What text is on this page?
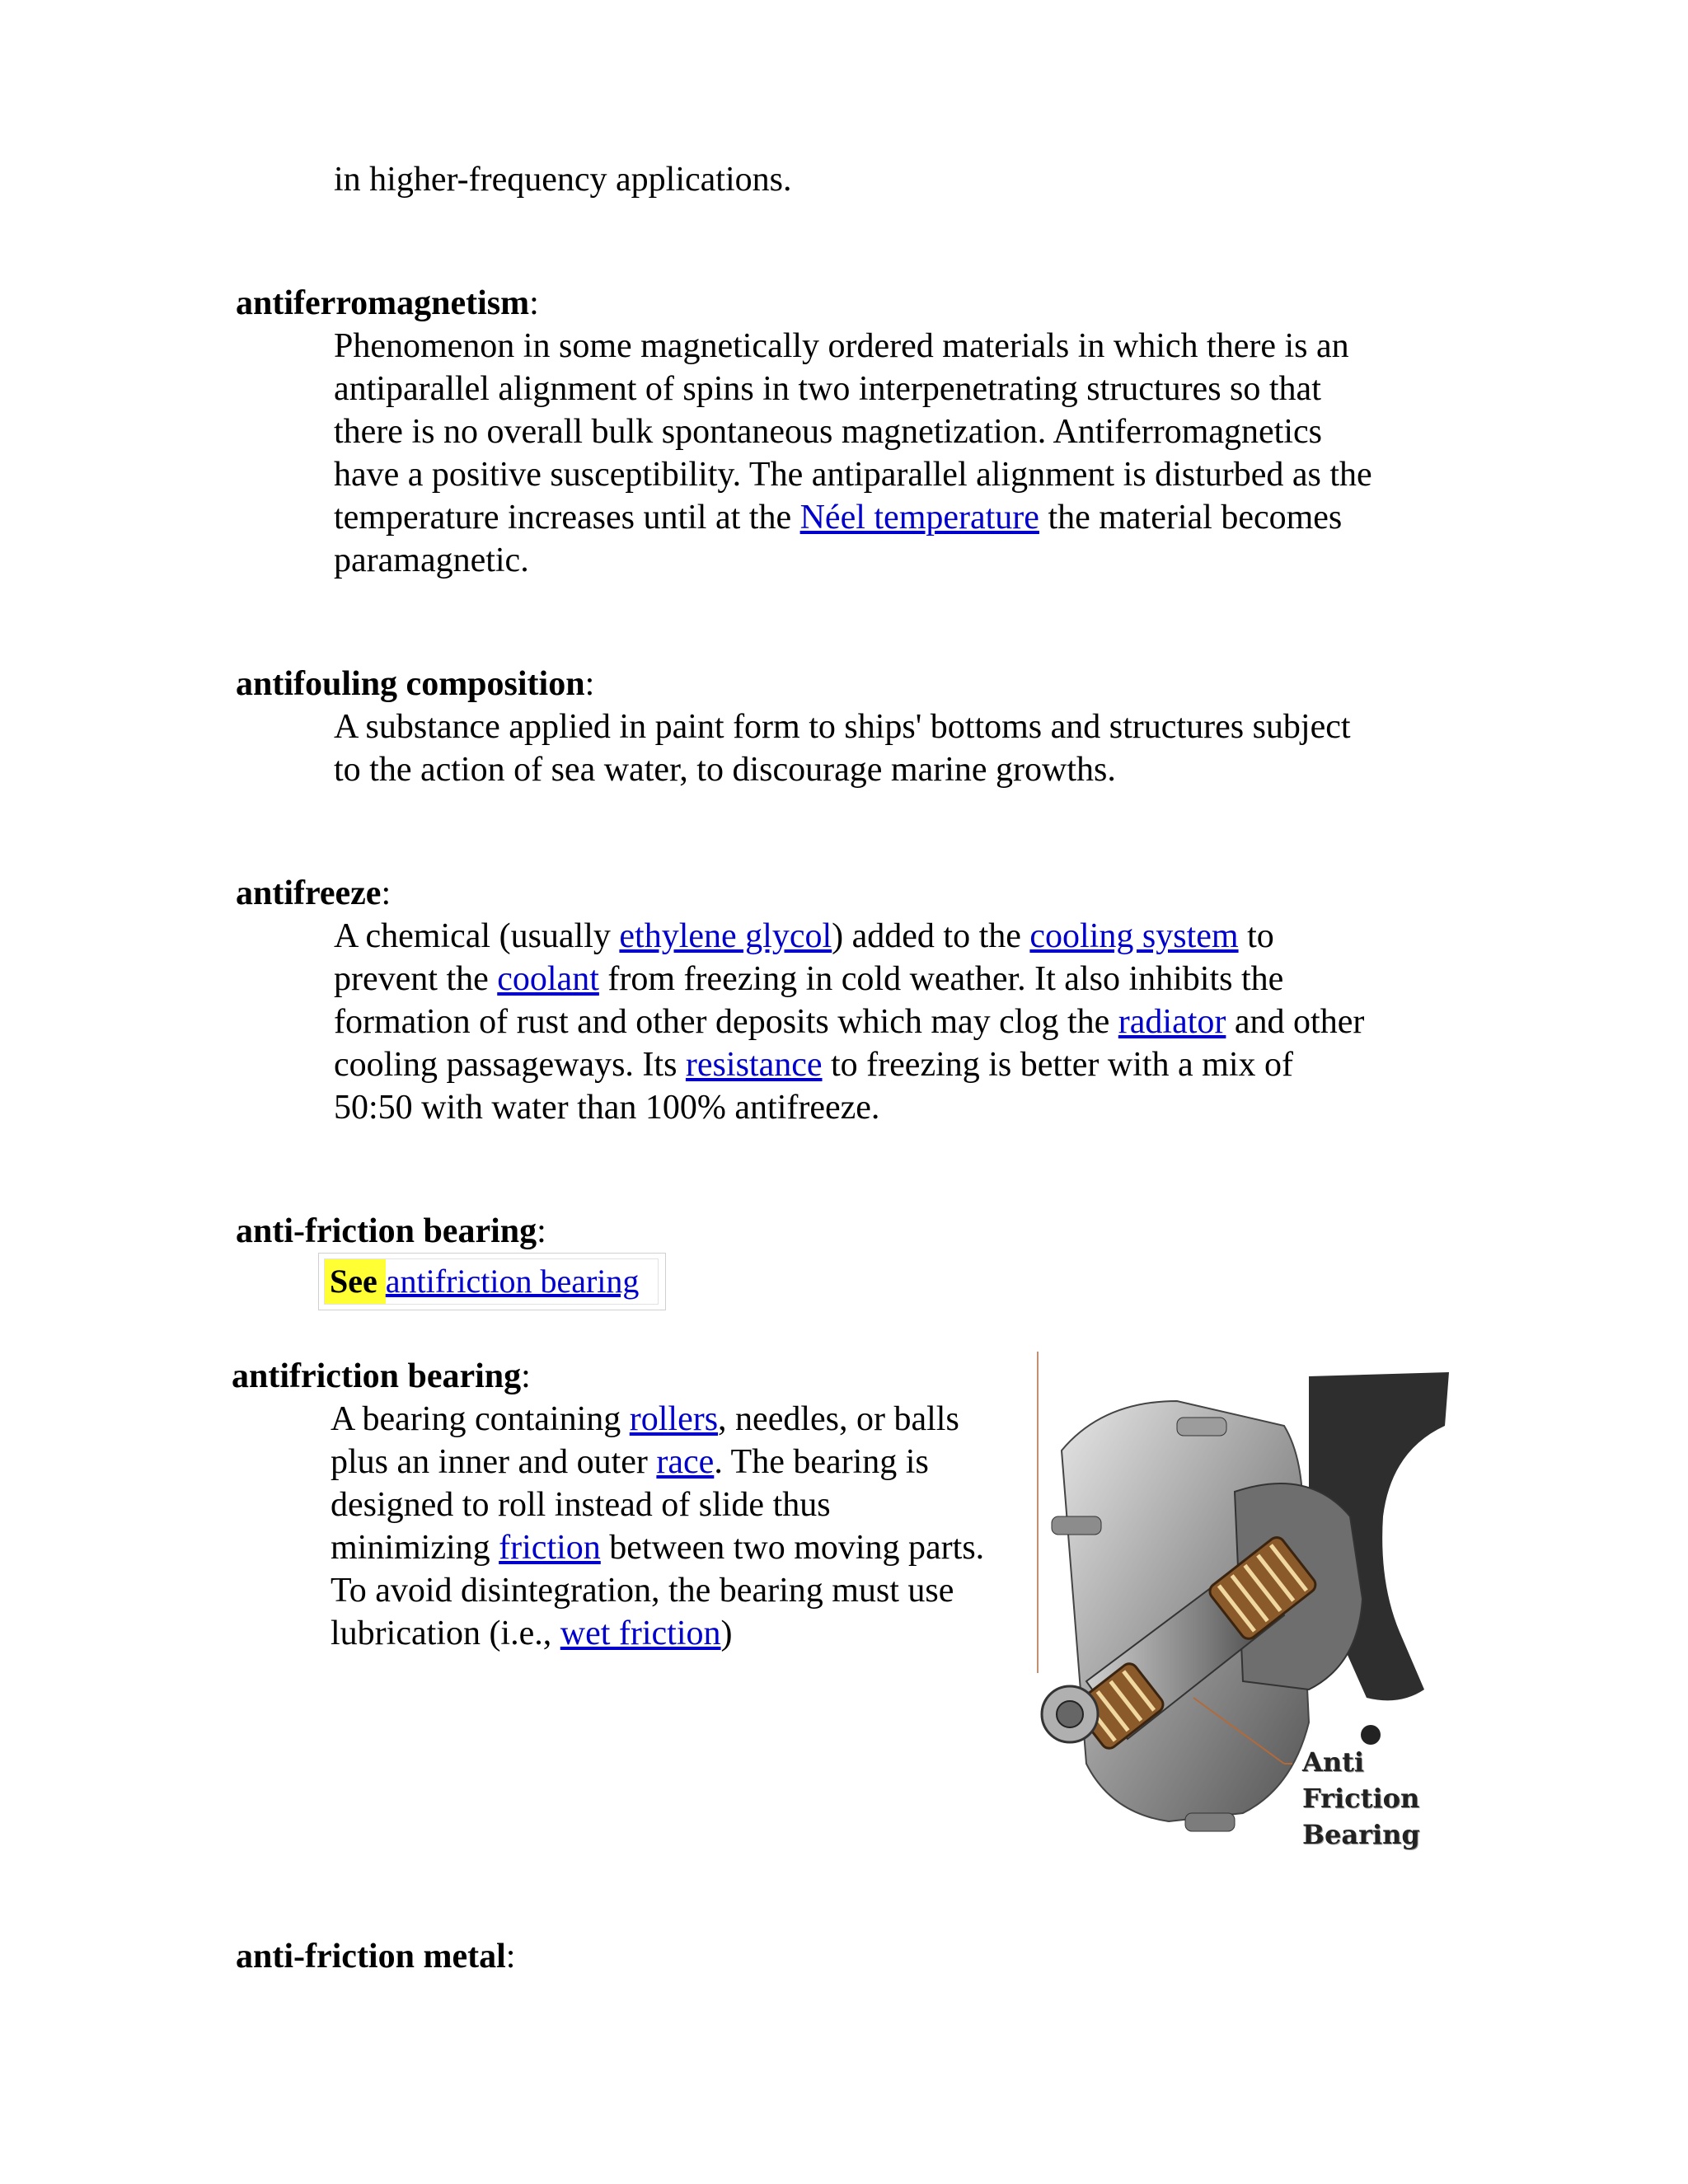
in higher-frequency applications.
antiferromagnetism:
Phenomenon in some magnetically ordered materials in which there is an
antiparallel alignment of spins in two interpenetrating structures so that
there is no overall bulk spontaneous magnetization. Antiferromagnetics
have a positive susceptibility. The antiparallel alignment is disturbed as the
temperature increases until at the Néel temperature the material becomes
paramagnetic.
antifouling composition:
A substance applied in paint form to ships' bottoms and structures subject
to the action of sea water, to discourage marine growths.
antifreeze:
A chemical (usually ethylene glycol) added to the cooling system to
prevent the coolant from freezing in cold weather. It also inhibits the
formation of rust and other deposits which may clog the radiator and other
cooling passageways. Its resistance to freezing is better with a mix of
50:50 with water than 100% antifreeze.
anti-friction bearing:
See antifriction bearing
antifriction bearing:
A bearing containing rollers, needles, or balls
plus an inner and outer race. The bearing is
designed to roll instead of slide thus
minimizing friction between two moving parts.
To avoid disintegration, the bearing must use
lubrication (i.e., wet friction)
Anti
Friction
Bearing
anti-friction metal:
